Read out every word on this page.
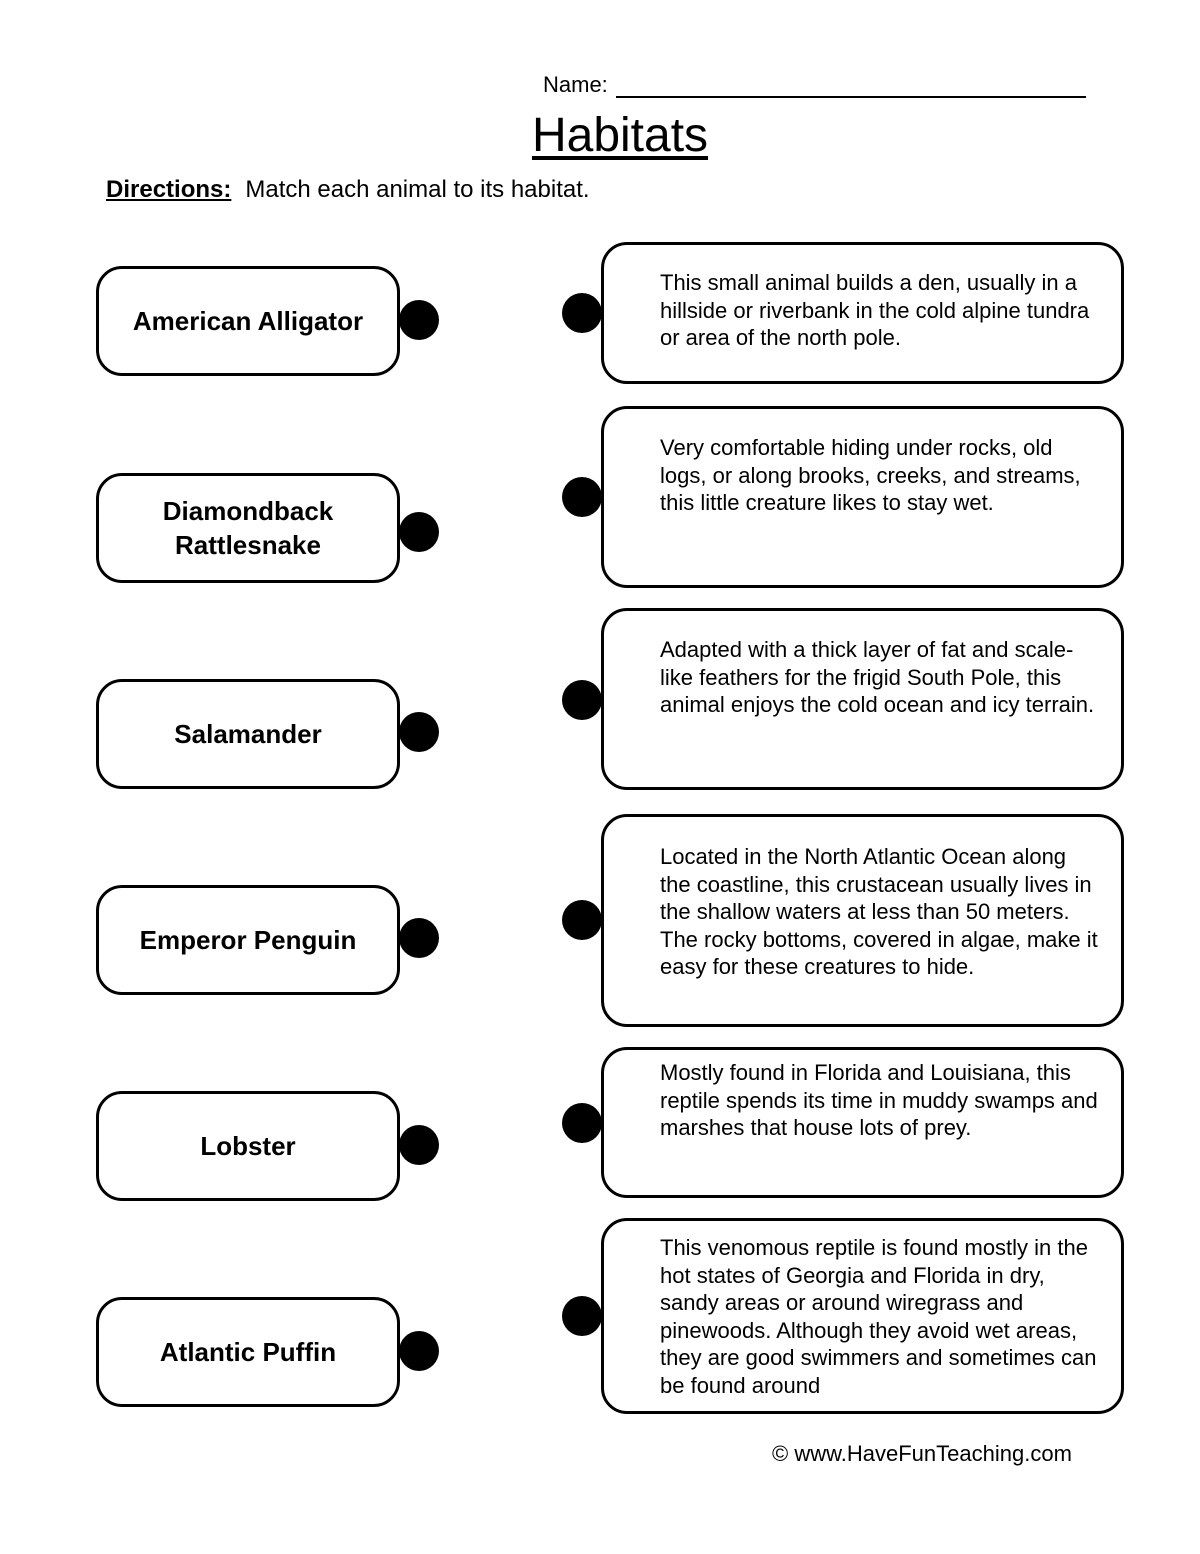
Name:
Habitats
Directions: Match each animal to its habitat.
American Alligator
Diamondback Rattlesnake
Salamander
Emperor Penguin
Lobster
Atlantic Puffin
This small animal builds a den, usually in a hillside or riverbank in the cold alpine tundra or area of the north pole.
Very comfortable hiding under rocks, old logs, or along brooks, creeks, and streams, this little creature likes to stay wet.
Adapted with a thick layer of fat and scale-like feathers for the frigid South Pole, this animal enjoys the cold ocean and icy terrain.
Located in the North Atlantic Ocean along the coastline, this crustacean usually lives in the shallow waters at less than 50 meters. The rocky bottoms, covered in algae, make it easy for these creatures to hide.
Mostly found in Florida and Louisiana, this reptile spends its time in muddy swamps and marshes that house lots of prey.
This venomous reptile is found mostly in the hot states of Georgia and Florida in dry, sandy areas or around wiregrass and pinewoods. Although they avoid wet areas, they are good swimmers and sometimes can be found around
© www.HaveFunTeaching.com
